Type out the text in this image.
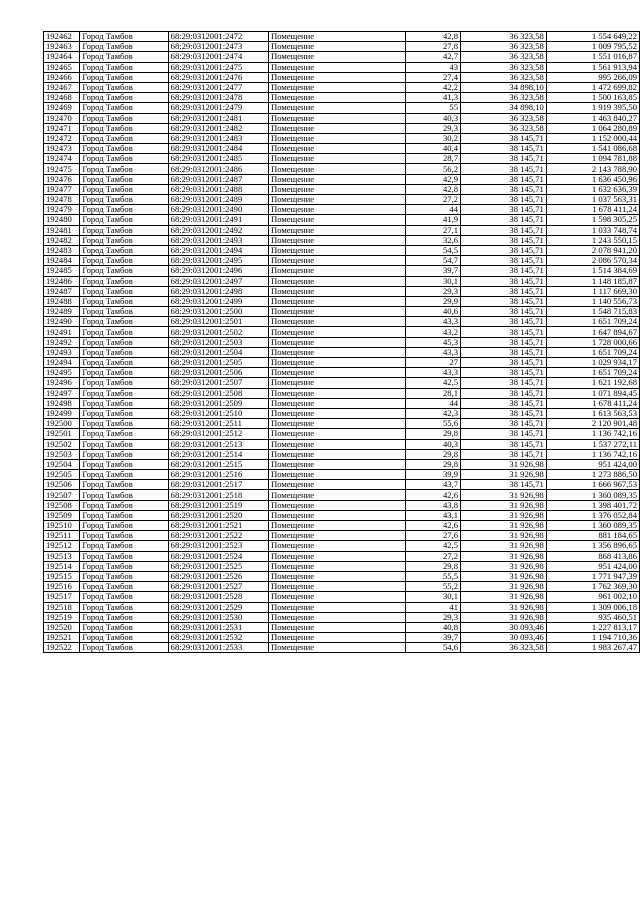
192462	Город Тамбов	68:29:0312001:2472	Помещение	42,8	36 323,58	1 554 649,22
192463	Город Тамбов	68:29:0312001:2473	Помещение	27,8	36 323,58	1 009 795,52
192464	Город Тамбов	68:29:0312001:2474	Помещение	42,7	36 323,58	1 551 016,87
192465	Город Тамбов	68:29:0312001:2475	Помещение	43	36 323,58	1 561 913,94
192466	Город Тамбов	68:29:0312001:2476	Помещение	27,4	36 323,58	995 266,09
192467	Город Тамбов	68:29:0312001:2477	Помещение	42,2	34 898,10	1 472 699,82
192468	Город Тамбов	68:29:0312001:2478	Помещение	41,3	36 323,58	1 500 163,85
192469	Город Тамбов	68:29:0312001:2479	Помещение	55	34 898,10	1 919 395,50
192470	Город Тамбов	68:29:0312001:2481	Помещение	40,3	36 323,58	1 463 840,27
192471	Город Тамбов	68:29:0312001:2482	Помещение	29,3	36 323,58	1 064 280,89
192472	Город Тамбов	68:29:0312001:2483	Помещение	30,2	38 145,71	1 152 000,44
192473	Город Тамбов	68:29:0312001:2484	Помещение	40,4	38 145,71	1 541 086,68
192474	Город Тамбов	68:29:0312001:2485	Помещение	28,7	38 145,71	1 094 781,88
192475	Город Тамбов	68:29:0312001:2486	Помещение	56,2	38 145,71	2 143 788,90
192476	Город Тамбов	68:29:0312001:2487	Помещение	42,9	38 145,71	1 636 450,96
192477	Город Тамбов	68:29:0312001:2488	Помещение	42,8	38 145,71	1 632 636,39
192478	Город Тамбов	68:29:0312001:2489	Помещение	27,2	38 145,71	1 037 563,31
192479	Город Тамбов	68:29:0312001:2490	Помещение	44	38 145,71	1 678 411,24
192480	Город Тамбов	68:29:0312001:2491	Помещение	41,9	38 145,71	1 598 305,25
192481	Город Тамбов	68:29:0312001:2492	Помещение	27,1	38 145,71	1 033 748,74
192482	Город Тамбов	68:29:0312001:2493	Помещение	32,6	38 145,71	1 243 550,15
192483	Город Тамбов	68:29:0312001:2494	Помещение	54,5	38 145,71	2 078 941,20
192484	Город Тамбов	68:29:0312001:2495	Помещение	54,7	38 145,71	2 086 570,34
192485	Город Тамбов	68:29:0312001:2496	Помещение	39,7	38 145,71	1 514 384,69
192486	Город Тамбов	68:29:0312001:2497	Помещение	30,1	38 145,71	1 148 185,87
192487	Город Тамбов	68:29:0312001:2498	Помещение	29,3	38 145,71	1 117 669,30
192488	Город Тамбов	68:29:0312001:2499	Помещение	29,9	38 145,71	1 140 556,73
192489	Город Тамбов	68:29:0312001:2500	Помещение	40,6	38 145,71	1 548 715,83
192490	Город Тамбов	68:29:0312001:2501	Помещение	43,3	38 145,71	1 651 709,24
192491	Город Тамбов	68:29:0312001:2502	Помещение	43,2	38 145,71	1 647 894,67
192492	Город Тамбов	68:29:0312001:2503	Помещение	45,3	38 145,71	1 728 000,66
192493	Город Тамбов	68:29:0312001:2504	Помещение	43,3	38 145,71	1 651 709,24
192494	Город Тамбов	68:29:0312001:2505	Помещение	27	38 145,71	1 029 934,17
192495	Город Тамбов	68:29:0312001:2506	Помещение	43,3	38 145,71	1 651 709,24
192496	Город Тамбов	68:29:0312001:2507	Помещение	42,5	38 145,71	1 621 192,68
192497	Город Тамбов	68:29:0312001:2508	Помещение	28,1	38 145,71	1 071 894,45
192498	Город Тамбов	68:29:0312001:2509	Помещение	44	38 145,71	1 678 411,24
192499	Город Тамбов	68:29:0312001:2510	Помещение	42,3	38 145,71	1 613 563,53
192500	Город Тамбов	68:29:0312001:2511	Помещение	55,6	38 145,71	2 120 901,48
192501	Город Тамбов	68:29:0312001:2512	Помещение	29,8	38 145,71	1 136 742,16
192502	Город Тамбов	68:29:0312001:2513	Помещение	40,3	38 145,71	1 537 272,11
192503	Город Тамбов	68:29:0312001:2514	Помещение	29,8	38 145,71	1 136 742,16
192504	Город Тамбов	68:29:0312001:2515	Помещение	29,8	31 926,98	951 424,00
192505	Город Тамбов	68:29:0312001:2516	Помещение	39,9	31 926,98	1 273 886,50
192506	Город Тамбов	68:29:0312001:2517	Помещение	43,7	38 145,71	1 666 967,53
192507	Город Тамбов	68:29:0312001:2518	Помещение	42,6	31 926,98	1 360 089,35
192508	Город Тамбов	68:29:0312001:2519	Помещение	43,8	31 926,98	1 398 401,72
192509	Город Тамбов	68:29:0312001:2520	Помещение	43,1	31 926,98	1 376 052,84
192510	Город Тамбов	68:29:0312001:2521	Помещение	42,6	31 926,98	1 360 089,35
192511	Город Тамбов	68:29:0312001:2522	Помещение	27,6	31 926,98	881 184,65
192512	Город Тамбов	68:29:0312001:2523	Помещение	42,5	31 926,98	1 356 896,65
192513	Город Тамбов	68:29:0312001:2524	Помещение	27,2	31 926,98	868 413,86
192514	Город Тамбов	68:29:0312001:2525	Помещение	29,8	31 926,98	951 424,00
192515	Город Тамбов	68:29:0312001:2526	Помещение	55,5	31 926,98	1 771 947,39
192516	Город Тамбов	68:29:0312001:2527	Помещение	55,2	31 926,98	1 762 369,30
192517	Город Тамбов	68:29:0312001:2528	Помещение	30,1	31 926,98	961 002,10
192518	Город Тамбов	68:29:0312001:2529	Помещение	41	31 926,98	1 309 006,18
192519	Город Тамбов	68:29:0312001:2530	Помещение	29,3	31 926,98	935 460,51
192520	Город Тамбов	68:29:0312001:2531	Помещение	40,8	30 093,46	1 227 813,17
192521	Город Тамбов	68:29:0312001:2532	Помещение	39,7	30 093,46	1 194 710,36
192522	Город Тамбов	68:29:0312001:2533	Помещение	54,6	36 323,58	1 983 267,47
